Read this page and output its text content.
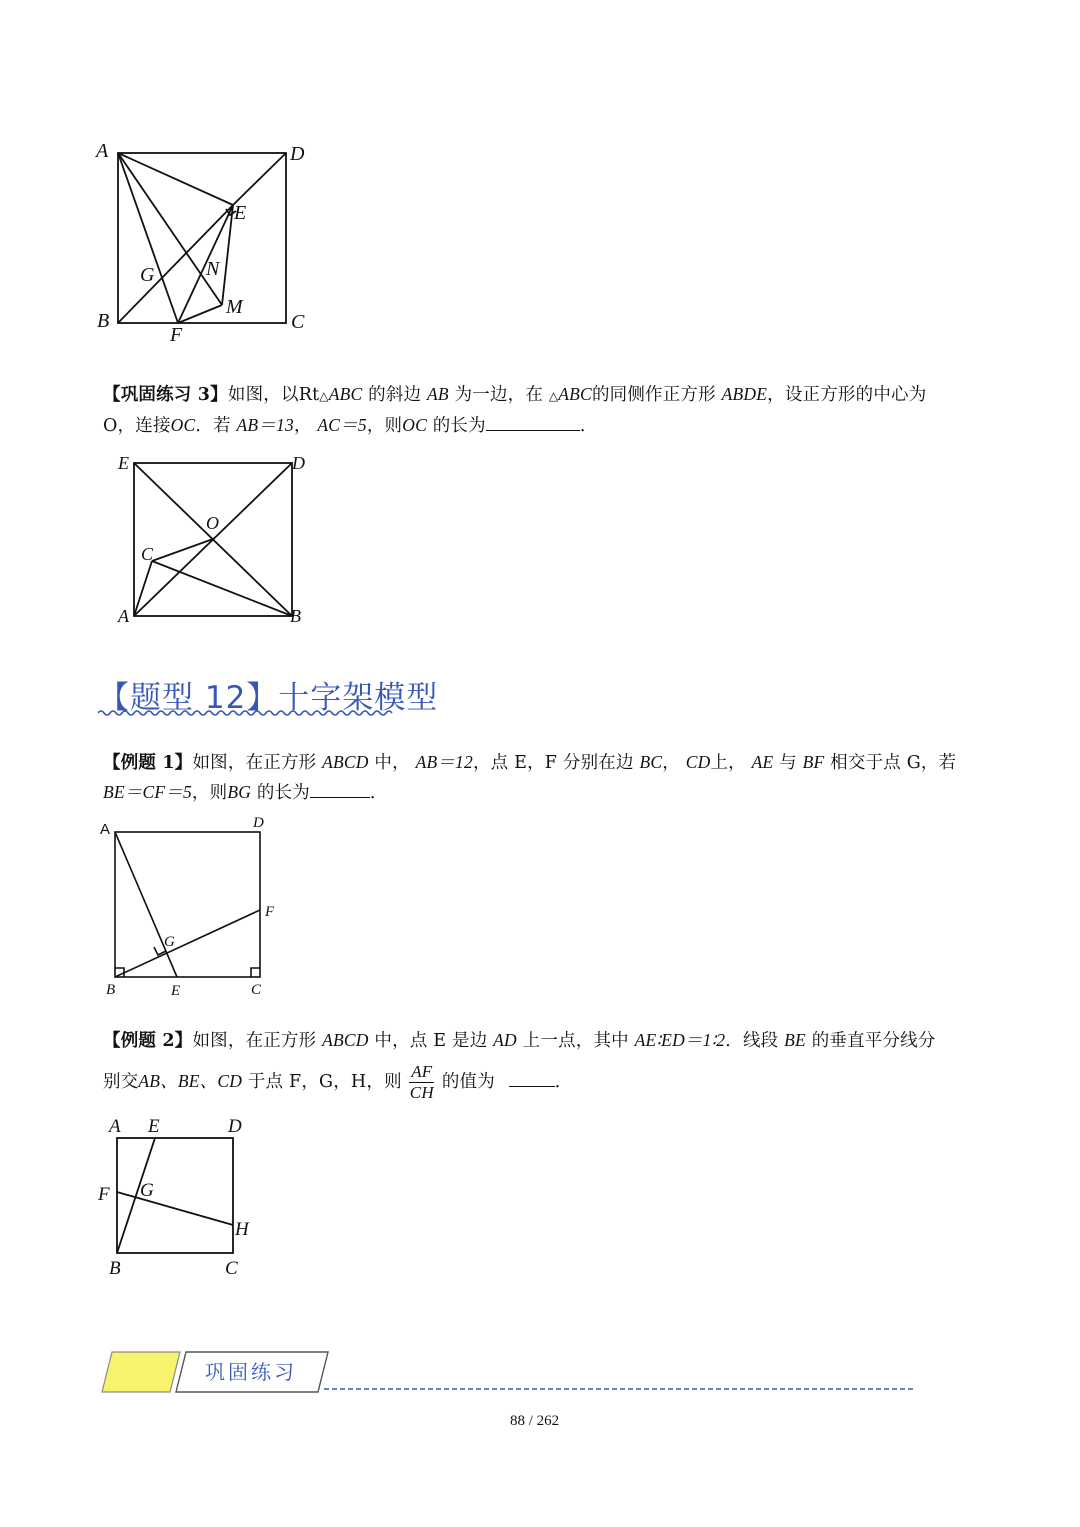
A	D
E
G	N
M
B
F
C
【巩固练习 3】如图，以Rt△ABC 的斜边 AB 为一边，在 △ABC的同侧作正方形 ABDE，设正方形的中心为
O，连接OC．若 AB＝13， AC＝5，则OC 的长为	．
E	D
O
C
A	B
【题型 12】十字架模型
【例题 1】如图，在正方形 ABCD 中， AB＝12，点 E，F 分别在边 BC， CD上， AE 与 BF 相交于点 G，若
BE＝CF＝5，则BG 的长为	．
A	D
F
G
B	E	C
【例题 2】如图，在正方形 ABCD 中，点 E 是边 AD 上一点，其中 AE∶ED＝1∶2．线段 BE 的垂直平分线分
别交AB、BE、CD 于点 F，G，H，则 $\frac{AF}{CH}$ 的值为	．
A E	D
F G
H
B	C
巩固练习
88 / 262
